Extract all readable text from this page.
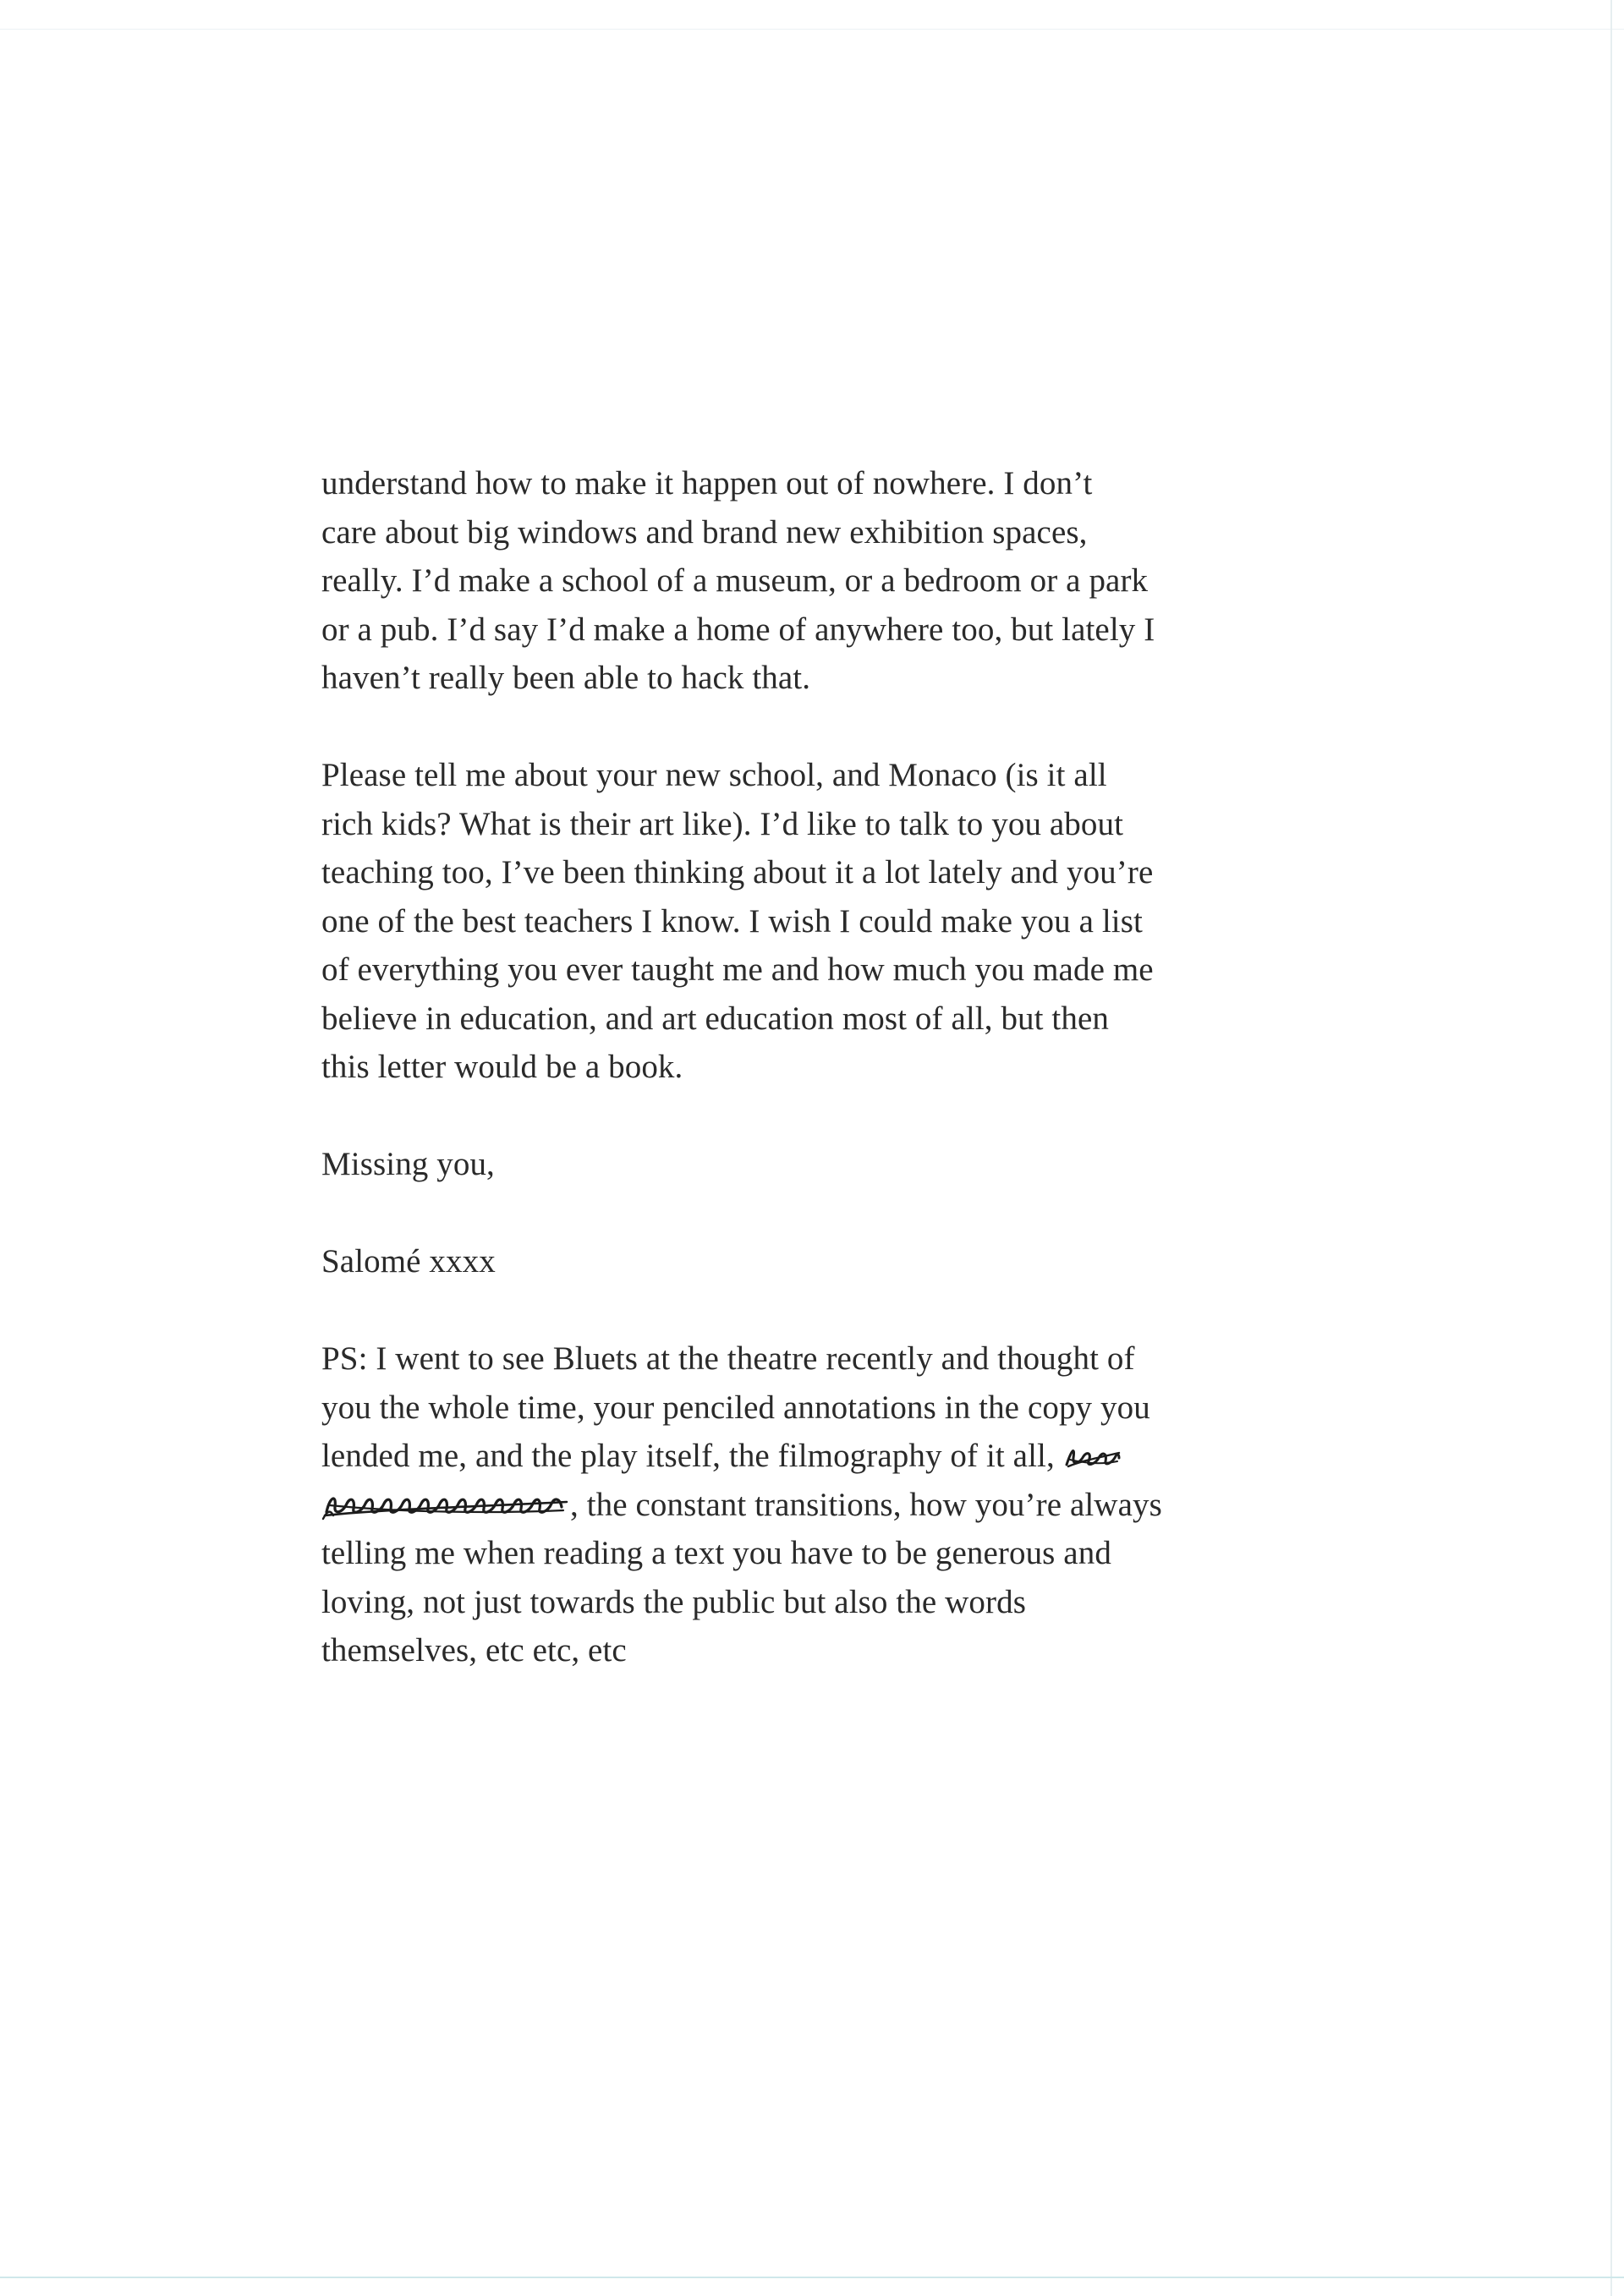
understand how to make it happen out of nowhere. I don’t
care about big windows and brand new exhibition spaces,
really. I’d make a school of a museum, or a bedroom or a park
or a pub. I’d say I’d make a home of anywhere too, but lately I
haven’t really been able to hack that.

Please tell me about your new school, and Monaco (is it all
rich kids? What is their art like). I’d like to talk to you about
teaching too, I’ve been thinking about it a lot lately and you’re
one of the best teachers I know. I wish I could make you a list
of everything you ever taught me and how much you made me
believe in education, and art education most of all, but then
this letter would be a book.

Missing you,

Salomé xxxx

PS: I went to see Bluets at the theatre recently and thought of
you the whole time, your penciled annotations in the copy you
lended me, and the play itself, the filmography of it all,
, the constant transitions, how you’re always
telling me when reading a text you have to be generous and
loving, not just towards the public but also the words
themselves, etc etc, etc
